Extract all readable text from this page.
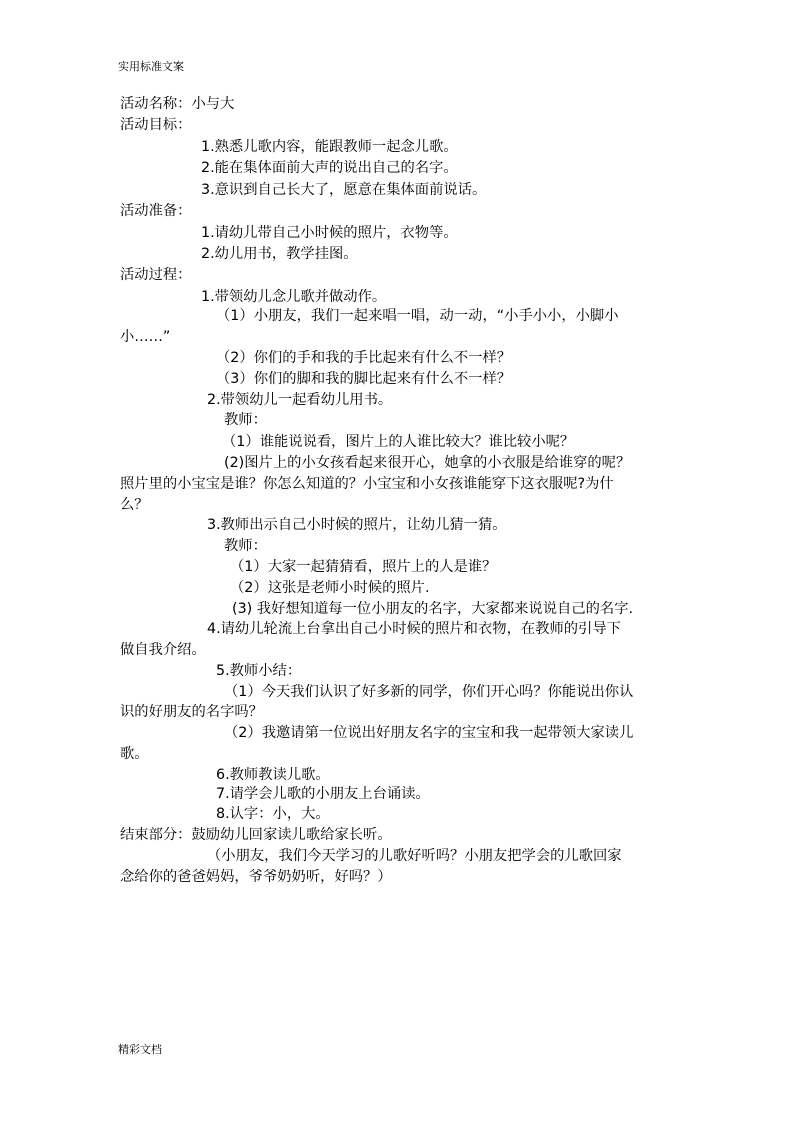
实用标准文案
活动名称：小与大
活动目标：
1.熟悉儿歌内容，能跟教师一起念儿歌。
2.能在集体面前大声的说出自己的名字。
3.意识到自己长大了，愿意在集体面前说话。
活动准备：
1.请幼儿带自己小时候的照片，衣物等。
2.幼儿用书，教学挂图。
活动过程：
1.带领幼儿念儿歌并做动作。
（1）小朋友，我们一起来唱一唱，动一动，“小手小小，小脚小
小……”
（2）你们的手和我的手比起来有什么不一样？
（3）你们的脚和我的脚比起来有什么不一样？
2.带领幼儿一起看幼儿用书。
教师：
（1）谁能说说看，图片上的人谁比较大？谁比较小呢？
(2)图片上的小女孩看起来很开心，她拿的小衣服是给谁穿的呢？
照片里的小宝宝是谁？你怎么知道的？小宝宝和小女孩谁能穿下这衣服呢?为什
么？
3.教师出示自己小时候的照片，让幼儿猜一猜。
教师：
（1）大家一起猜猜看，照片上的人是谁？
（2）这张是老师小时候的照片.
(3) 我好想知道每一位小朋友的名字，大家都来说说自己的名字.
4.请幼儿轮流上台拿出自己小时候的照片和衣物，在教师的引导下
做自我介绍。
5.教师小结：
（1）今天我们认识了好多新的同学，你们开心吗？你能说出你认
识的好朋友的名字吗？
（2）我邀请第一位说出好朋友名字的宝宝和我一起带领大家读儿
歌。
6.教师教读儿歌。
7.请学会儿歌的小朋友上台诵读。
8.认字：小，大。
结束部分：鼓励幼儿回家读儿歌给家长听。
（小朋友，我们今天学习的儿歌好听吗？小朋友把学会的儿歌回家
念给你的爸爸妈妈，爷爷奶奶听，好吗？）
精彩文档
